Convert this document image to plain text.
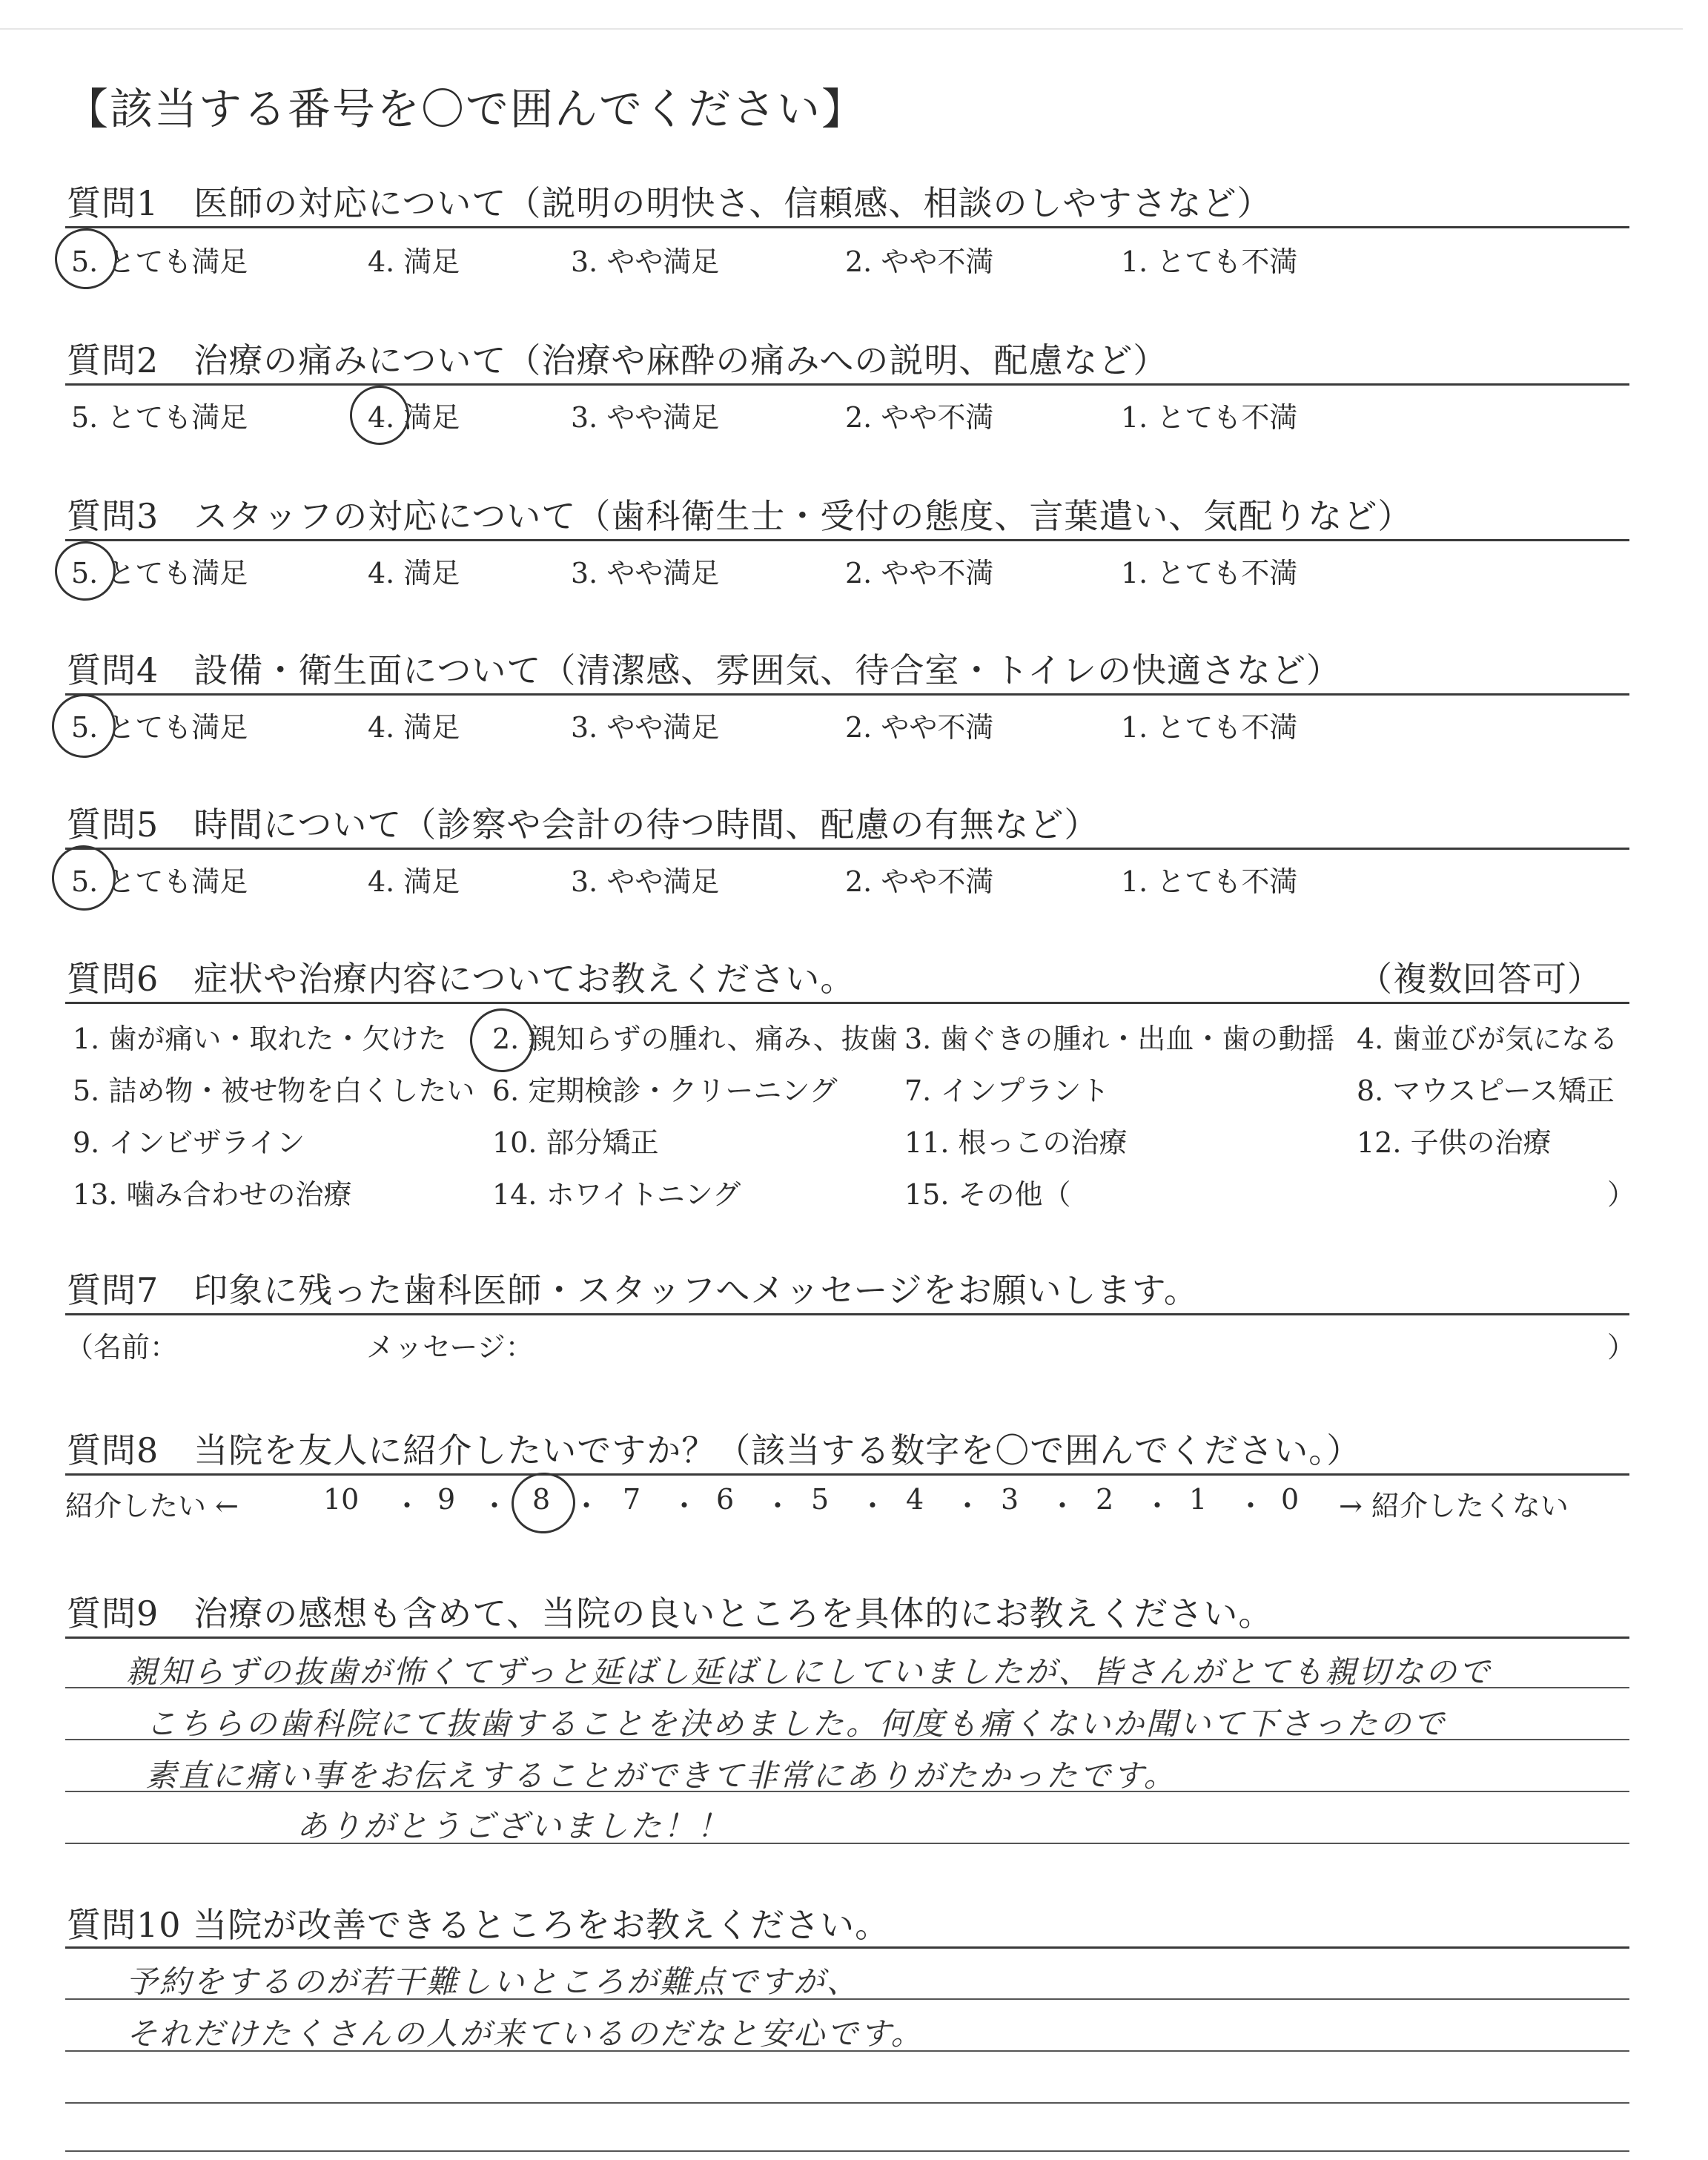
【該当する番号を〇で囲んでください】
質問1　医師の対応について（説明の明快さ、信頼感、相談のしやすさなど）
5. とても満足	4. 満足	3. やや満足	2. やや不満	1. とても不満
質問2　治療の痛みについて（治療や麻酔の痛みへの説明、配慮など）
5. とても満足	4. 満足	3. やや満足	2. やや不満	1. とても不満
質問3　スタッフの対応について（歯科衛生士・受付の態度、言葉遣い、気配りなど）
5. とても満足	4. 満足	3. やや満足	2. やや不満	1. とても不満
質問4　設備・衛生面について（清潔感、雰囲気、待合室・トイレの快適さなど）
5. とても満足	4. 満足	3. やや満足	2. やや不満	1. とても不満
質問5　時間について（診察や会計の待つ時間、配慮の有無など）
5. とても満足	4. 満足	3. やや満足	2. やや不満	1. とても不満
質問6　症状や治療内容についてお教えください。	（複数回答可）
1. 歯が痛い・取れた・欠けた 2. 親知らずの腫れ、痛み、抜歯 3. 歯ぐきの腫れ・出血・歯の動揺 4. 歯並びが気になる
5. 詰め物・被せ物を白くしたい 6. 定期検診・クリーニング 7. インプラント	8. マウスピース矯正
9. インビザライン	10. 部分矯正	11. 根っこの治療	12. 子供の治療
13. 噛み合わせの治療	14. ホワイトニング	15. その他（	）
質問7　印象に残った歯科医師・スタッフへメッセージをお願いします。
（名前：	メッセージ：	）
質問8　当院を友人に紹介したいですか？（該当する数字を〇で囲んでください。）
紹介したい ←	10 ・ 9 ・ 8 ・ 7 ・ 6 ・ 5 ・ 4 ・ 3 ・ 2 ・ 1 ・ 0 → 紹介したくない
質問9　治療の感想も含めて、当院の良いところを具体的にお教えください。
親知らずの抜歯が怖くてずっと延ばし延ばしにしていましたが、皆さんがとても親切なので
こちらの歯科院にて抜歯することを決めました。何度も痛くないか聞いて下さったので
素直に痛い事をお伝えすることができて非常にありがたかったです。
ありがとうございました！！
質問10 当院が改善できるところをお教えください。
予約をするのが若干難しいところが難点ですが、
それだけたくさんの人が来ているのだなと安心です。
